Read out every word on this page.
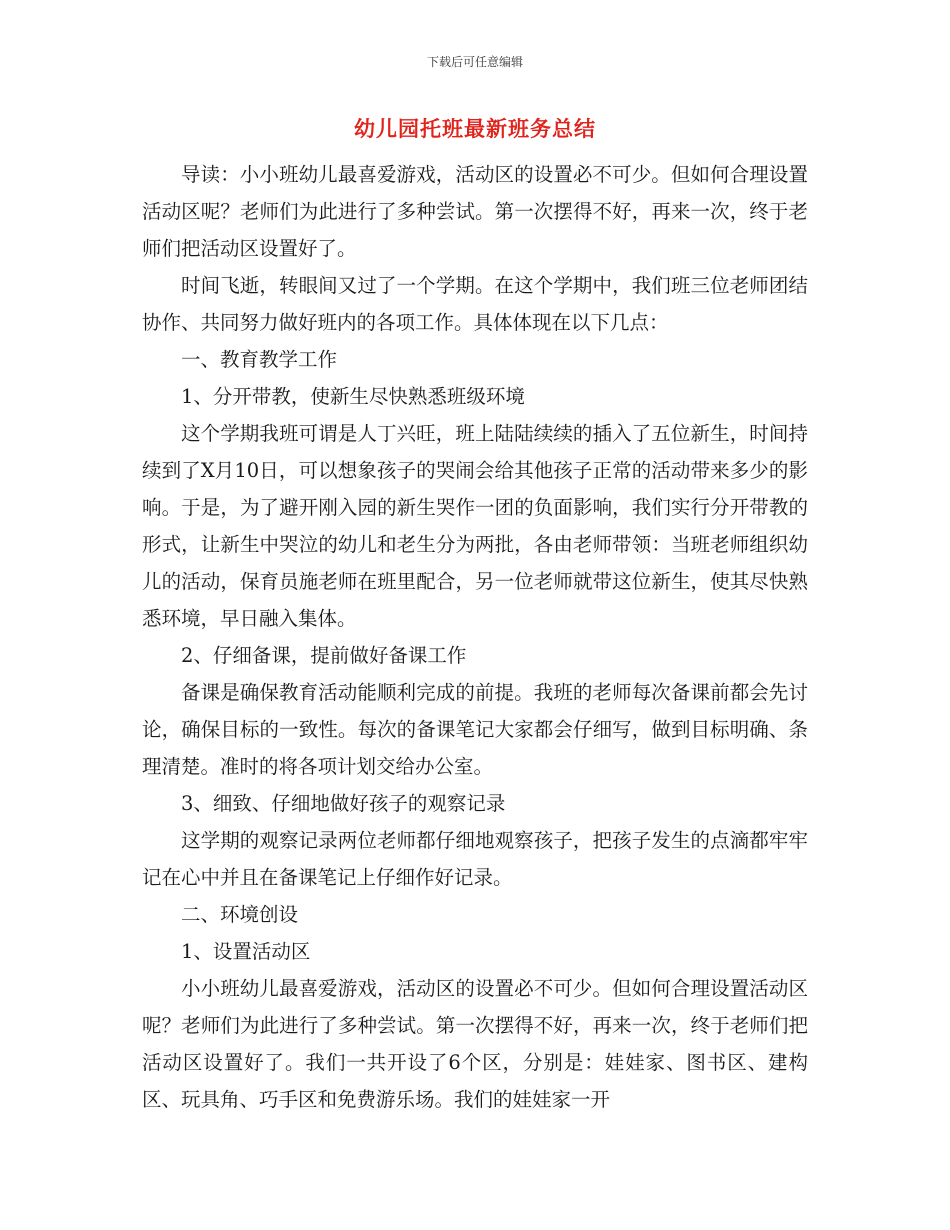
下载后可任意编辑
幼儿园托班最新班务总结

导读：小小班幼儿最喜爱游戏，活动区的设置必不可少。但如何合理设置活动区呢？老师们为此进行了多种尝试。第一次摆得不好，再来一次，终于老师们把活动区设置好了。

时间飞逝，转眼间又过了一个学期。在这个学期中，我们班三位老师团结协作、共同努力做好班内的各项工作。具体体现在以下几点：

一、教育教学工作

1、分开带教，使新生尽快熟悉班级环境

这个学期我班可谓是人丁兴旺，班上陆陆续续的插入了五位新生，时间持续到了X月10日，可以想象孩子的哭闹会给其他孩子正常的活动带来多少的影响。于是，为了避开刚入园的新生哭作一团的负面影响，我们实行分开带教的形式，让新生中哭泣的幼儿和老生分为两批，各由老师带领：当班老师组织幼儿的活动，保育员施老师在班里配合，另一位老师就带这位新生，使其尽快熟悉环境，早日融入集体。

2、仔细备课，提前做好备课工作

备课是确保教育活动能顺利完成的前提。我班的老师每次备课前都会先讨论，确保目标的一致性。每次的备课笔记大家都会仔细写，做到目标明确、条理清楚。准时的将各项计划交给办公室。

3、细致、仔细地做好孩子的观察记录

这学期的观察记录两位老师都仔细地观察孩子，把孩子发生的点滴都牢牢记在心中并且在备课笔记上仔细作好记录。

二、环境创设

1、设置活动区

小小班幼儿最喜爱游戏，活动区的设置必不可少。但如何合理设置活动区呢？老师们为此进行了多种尝试。第一次摆得不好，再来一次，终于老师们把活动区设置好了。我们一共开设了6个区，分别是：娃娃家、图书区、建构区、玩具角、巧手区和免费游乐场。我们的娃娃家一开
